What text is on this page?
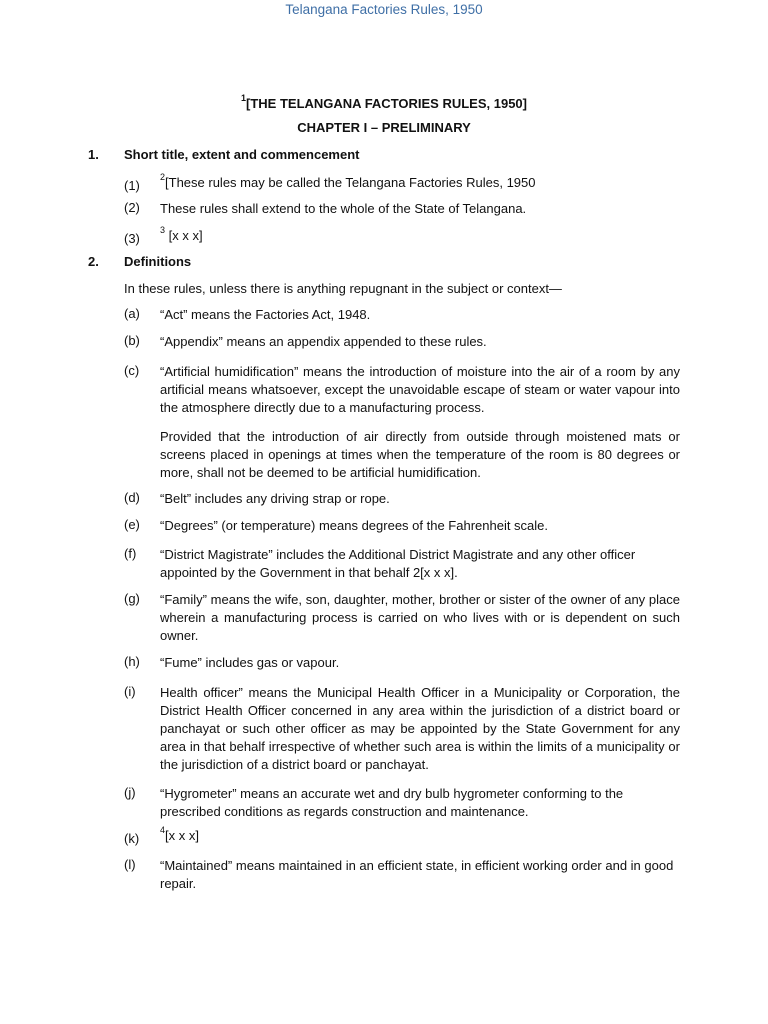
Telangana Factories Rules, 1950
$^1$[THE TELANGANA FACTORIES RULES, 1950]
CHAPTER I – PRELIMINARY
1. Short title, extent and commencement
(1)
$^2$[These rules may be called the Telangana Factories Rules, 1950
(2)	These rules shall extend to the whole of the State of Telangana.
(3)
$^3$ [x x x]
2. Definitions
In these rules, unless there is anything repugnant in the subject or context—
(a)	“Act” means the Factories Act, 1948.
(b)	“Appendix” means an appendix appended to these rules.
(c)	“Artificial humidification” means the introduction of moisture into the air of a room by any artificial means whatsoever, except the unavoidable escape of steam or water vapour into the atmosphere directly due to a manufacturing process.
Provided that the introduction of air directly from outside through moistened mats or screens placed in openings at times when the temperature of the room is 80 degrees or more, shall not be deemed to be artificial humidification.
(d)	“Belt” includes any driving strap or rope.
(e)	“Degrees” (or temperature) means degrees of the Fahrenheit scale.
(f)	“District Magistrate” includes the Additional District Magistrate and any other officer appointed by the Government in that behalf 2[x x x].
(g)	“Family” means the wife, son, daughter, mother, brother or sister of the owner of any place wherein a manufacturing process is carried on who lives with or is dependent on such owner.
(h)	“Fume” includes gas or vapour.
(i)	Health officer” means the Municipal Health Officer in a Municipality or Corporation, the District Health Officer concerned in any area within the jurisdiction of a district board or panchayat or such other officer as may be appointed by the State Government for any area in that behalf irrespective of whether such area is within the limits of a municipality or the jurisdiction of a district board or panchayat.
(j)	“Hygrometer” means an accurate wet and dry bulb hygrometer conforming to the prescribed conditions as regards construction and maintenance.
(k)
$^4$[x x x]
(l)	“Maintained” means maintained in an efficient state, in efficient working order and in good repair.
